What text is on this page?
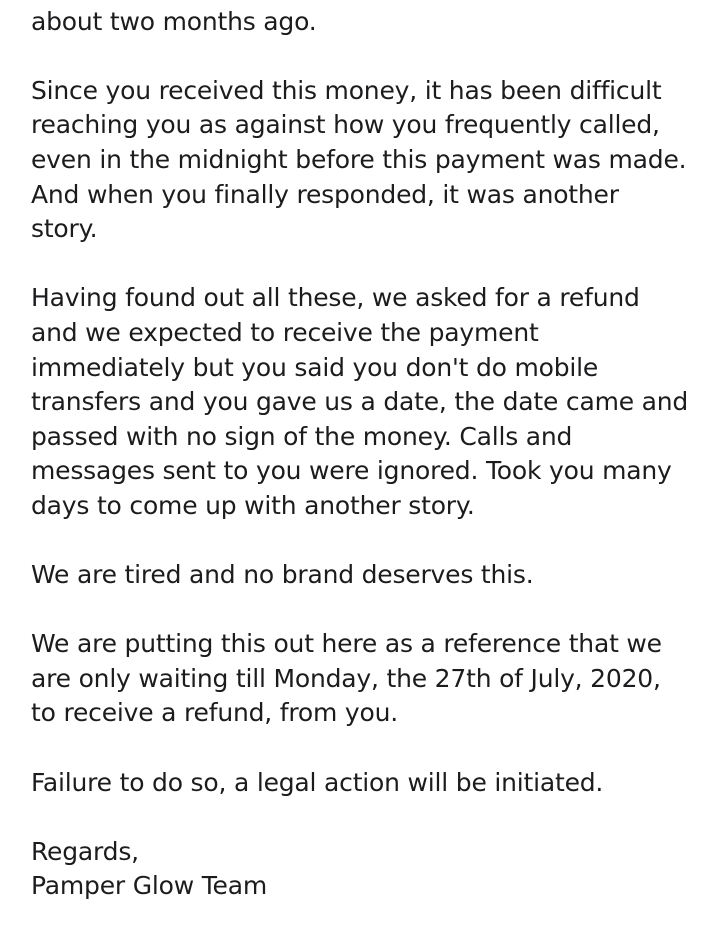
about two months ago.
Since you received this money, it has been difficult
reaching you as against how you frequently called,
even in the midnight before this payment was made.
And when you finally responded, it was another
story.
Having found out all these, we asked for a refund
and we expected to receive the payment
immediately but you said you don't do mobile
transfers and you gave us a date, the date came and
passed with no sign of the money. Calls and
messages sent to you were ignored. Took you many
days to come up with another story.
We are tired and no brand deserves this.
We are putting this out here as a reference that we
are only waiting till Monday, the 27th of July, 2020,
to receive a refund, from you.
Failure to do so, a legal action will be initiated.
Regards,
Pamper Glow Team
